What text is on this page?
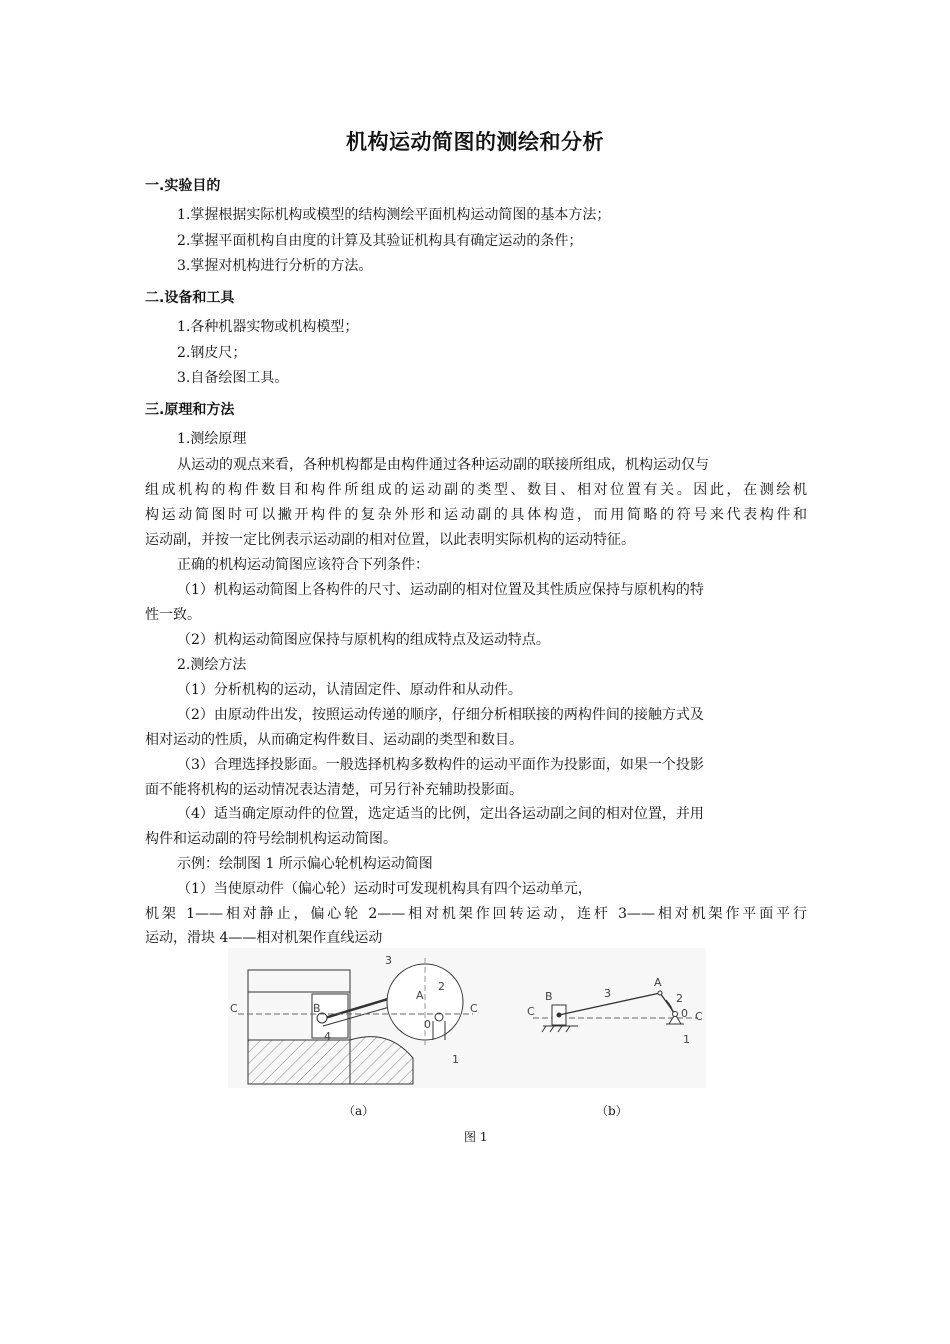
机构运动简图的测绘和分析
一.实验目的
1.掌握根据实际机构或模型的结构测绘平面机构运动简图的基本方法；
2.掌握平面机构自由度的计算及其验证机构具有确定运动的条件；
3.掌握对机构进行分析的方法。
二.设备和工具
1.各种机器实物或机构模型；
2.钢皮尺；
3.自备绘图工具。
三.原理和方法
1.测绘原理
从运动的观点来看，各种机构都是由构件通过各种运动副的联接所组成，机构运动仅与
组成机构的构件数目和构件所组成的运动副的类型、数目、相对位置有关。因此，在测绘机
构运动简图时可以撇开构件的复杂外形和运动副的具体构造，而用简略的符号来代表构件和
运动副，并按一定比例表示运动副的相对位置，以此表明实际机构的运动特征。
正确的机构运动简图应该符合下列条件：
（1）机构运动简图上各构件的尺寸、运动副的相对位置及其性质应保持与原机构的特
性一致。
（2）机构运动简图应保持与原机构的组成特点及运动特点。
2.测绘方法
（1）分析机构的运动，认清固定件、原动件和从动件。
（2）由原动件出发，按照运动传递的顺序，仔细分析相联接的两构件间的接触方式及
相对运动的性质，从而确定构件数目、运动副的类型和数目。
（3）合理选择投影面。一般选择机构多数构件的运动平面作为投影面，如果一个投影
面不能将机构的运动情况表达清楚，可另行补充辅助投影面。
（4）适当确定原动件的位置，选定适当的比例，定出各运动副之间的相对位置，并用
构件和运动副的符号绘制机构运动简图。
示例：绘制图 1 所示偏心轮机构运动简图
（1）当使原动件（偏心轮）运动时可发现机构具有四个运动单元，
机架 1——相对静止，偏心轮 2——相对机架作回转运动，连杆 3——相对机架作平面平行
运动，滑块 4——相对机架作直线运动
C	C
3
2
A
B
4
0
1
B	3
A
2
C	0 C
1
（a）	（b）
图 1
